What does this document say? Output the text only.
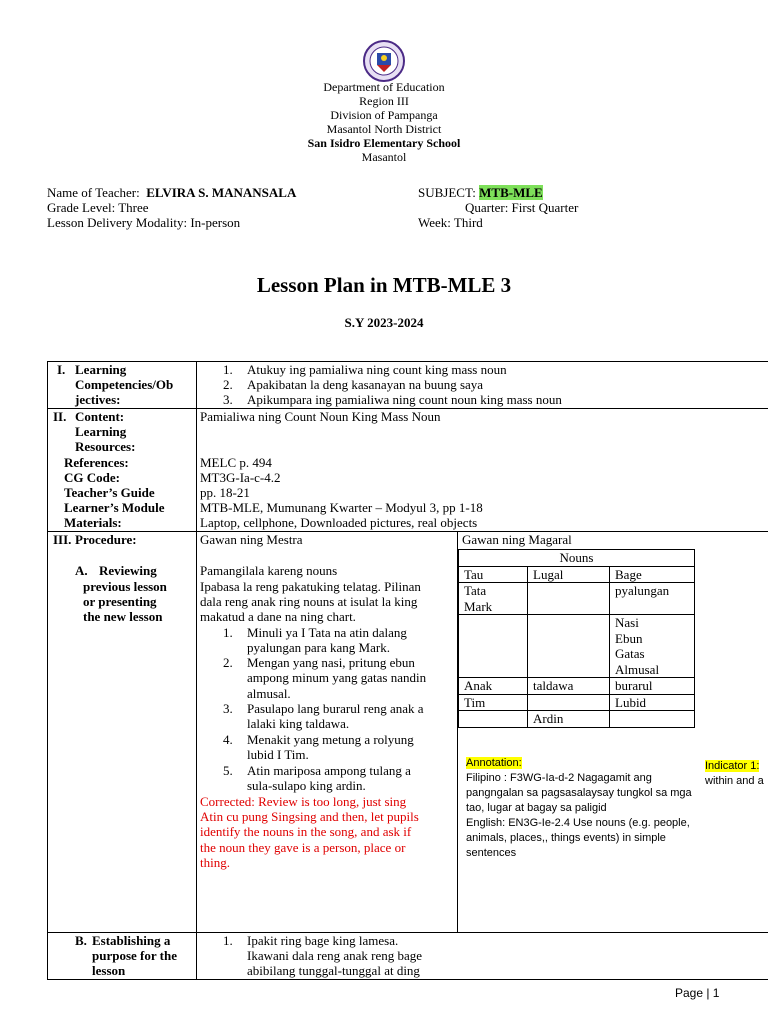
Department of Education
Region III
Division of Pampanga
Masantol North District
San Isidro Elementary School
Masantol
Name of Teacher: ELVIRA S. MANANSALA	SUBJECT: MTB-MLE
Grade Level: Three	Quarter: First Quarter
Lesson Delivery Modality: In-person	Week: Third
Lesson Plan in MTB-MLE 3
S.Y 2023-2024
I. Learning
Competencies/Ob
jectives:
1. Atukuy ing pamialiwa ning count king mass noun
2. Apakibatan la deng kasanayan na buung saya
3. Apikumpara ing pamialiwa ning count noun king mass noun
II. Content:
Learning
Resources:
Pamialiwa ning Count Noun King Mass Noun
References:	MELC p. 494
CG Code:	MT3G-Ia-c-4.2
Teacher’s Guide	pp. 18-21
Learner’s Module	MTB-MLE, Mumunang Kwarter – Modyul 3, pp 1-18
Materials:	Laptop, cellphone, Downloaded pictures, real objects
III. Procedure:	Gawan ning Mestra	Gawan ning Magaral
A. Reviewing
previous lesson
or presenting
the new lesson
Pamangilala kareng nouns
Ipabasa la reng pakatuking telatag. Pilinan
dala reng anak ring nouns at isulat la king
makatud a dane na ning chart.
1. Minuli ya I Tata na atin dalang
pyalungan para kang Mark.
2. Mengan yang nasi, pritung ebun
ampong minum yang gatas nandin
almusal.
3. Pasulapo lang burarul reng anak a
lalaki king taldawa.
4. Menakit yang metung a rolyung
lubid I Tim.
5. Atin mariposa ampong tulang a
sula-sulapo king ardin.
Corrected: Review is too long, just sing
Atin cu pung Singsing and then, let pupils
identify the nouns in the song, and ask if
the noun they gave is a person, place or
thing.
Nouns		
Tau	Lugal	Bage
Tata
Mark		pyalungan
		Nasi
Ebun
Gatas
Almusal
Anak	taldawa	burarul
Tim		Lubid
	Ardin	
Annotation:
Filipino : F3WG-Ia-d-2 Nagagamit ang
pangngalan sa pagsasalaysay tungkol sa mga
tao, lugar at bagay sa paligid
English: EN3G-Ie-2.4 Use nouns (e.g. people,
animals, places,, things events) in simple
sentences
Indicator 1:
within and a
B. Establishing a
purpose for the
lesson
1. Ipakit ring bage king lamesa.
Ikawani dala reng anak reng bage
abibilang tunggal-tunggal at ding
Page | 1
